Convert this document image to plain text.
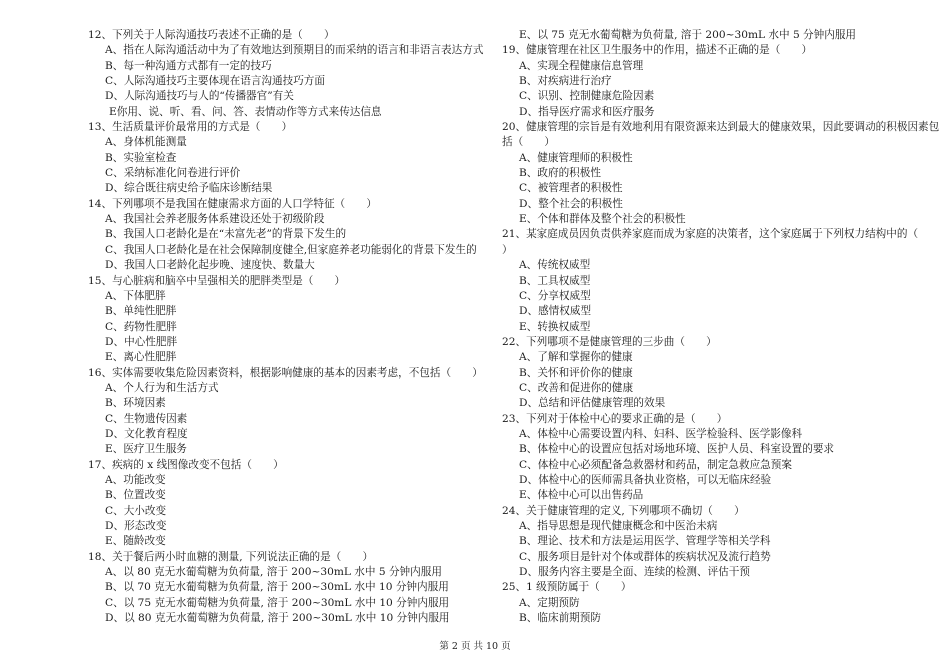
12、下列关于人际沟通技巧表述不正确的是（　　）
A、指在人际沟通活动中为了有效地达到预期目的而采纳的语言和非语言表达方式
B、每一种沟通方式都有一定的技巧
C、人际沟通技巧主要体现在语言沟通技巧方面
D、人际沟通技巧与人的“传播器官”有关
E你用、说、听、看、问、答、表情动作等方式来传达信息
13、生活质量评价最常用的方式是（　　）
A、身体机能测量
B、实验室检查
C、采纳标准化问卷进行评价
D、综合既往病史给予临床诊断结果
14、下列哪项不是我国在健康需求方面的人口学特征（　　）
A、我国社会养老服务体系建设还处于初级阶段
B、我国人口老龄化是在“未富先老”的背景下发生的
C、我国人口老龄化是在社会保障制度健全,但家庭养老功能弱化的背景下发生的
D、我国人口老龄化起步晚、速度快、数量大
15、与心脏病和脑卒中呈强相关的肥胖类型是（　　）
A、下体肥胖
B、单纯性肥胖
C、药物性肥胖
D、中心性肥胖
E、离心性肥胖
16、实体需要收集危险因素资料，根据影响健康的基本的因素考虑，不包括（　　）
A、个人行为和生活方式
B、环境因素
C、生物遗传因素
D、文化教育程度
E、医疗卫生服务
17、疾病的 x 线图像改变不包括（　　）
A、功能改变
B、位置改变
C、大小改变
D、形态改变
E、随龄改变
18、关于餐后两小时血糖的测量, 下列说法正确的是（　　）
A、以 80 克无水葡萄糖为负荷量, 溶于 200~30mL 水中 5 分钟内服用
B、以 70 克无水葡萄糖为负荷量, 溶于 200~30mL 水中 10 分钟内服用
C、以 75 克无水葡萄糖为负荷量, 溶于 200~30mL 水中 10 分钟内服用
D、以 80 克无水葡萄糖为负荷量, 溶于 200~30mL 水中 10 分钟内服用
E、以 75 克无水葡萄糖为负荷量, 溶于 200~30mL 水中 5 分钟内服用
19、健康管理在社区卫生服务中的作用，描述不正确的是（　　）
A、实现全程健康信息管理
B、对疾病进行治疗
C、识别、控制健康危险因素
D、指导医疗需求和医疗服务
20、健康管理的宗旨是有效地利用有限资源来达到最大的健康效果，因此要调动的积极因素包
括（　　）
A、健康管理师的积极性
B、政府的积极性
C、被管理者的积极性
D、整个社会的积极性
E、个体和群体及整个社会的积极性
21、某家庭成员因负责供养家庭而成为家庭的决策者，这个家庭属于下列权力结构中的（
）
A、传统权威型
B、工具权威型
C、分享权威型
D、感情权威型
E、转换权威型
22、下列哪项不是健康管理的三步曲（　　）
A、了解和掌握你的健康
B、关怀和评价你的健康
C、改善和促进你的健康
D、总结和评估健康管理的效果
23、下列对于体检中心的要求正确的是（　　）
A、体检中心需要设置内科、妇科、医学检验科、医学影像科
B、体检中心的设置应包括对场地环境、医护人员、科室设置的要求
C、体检中心必须配备急救器材和药品，制定急救应急预案
D、体检中心的医师需具备执业资格，可以无临床经验
E、体检中心可以出售药品
24、关于健康管理的定义, 下列哪项不确切（　　）
A、指导思想是现代健康概念和中医治未病
B、理论、技术和方法是运用医学、管理学等相关学科
C、服务项目是针对个体或群体的疾病状况及流行趋势
D、服务内容主要是全面、连续的检测、评估干预
25、1 级预防属于（　　）
A、定期预防
B、临床前期预防
第 2 页 共 10 页
